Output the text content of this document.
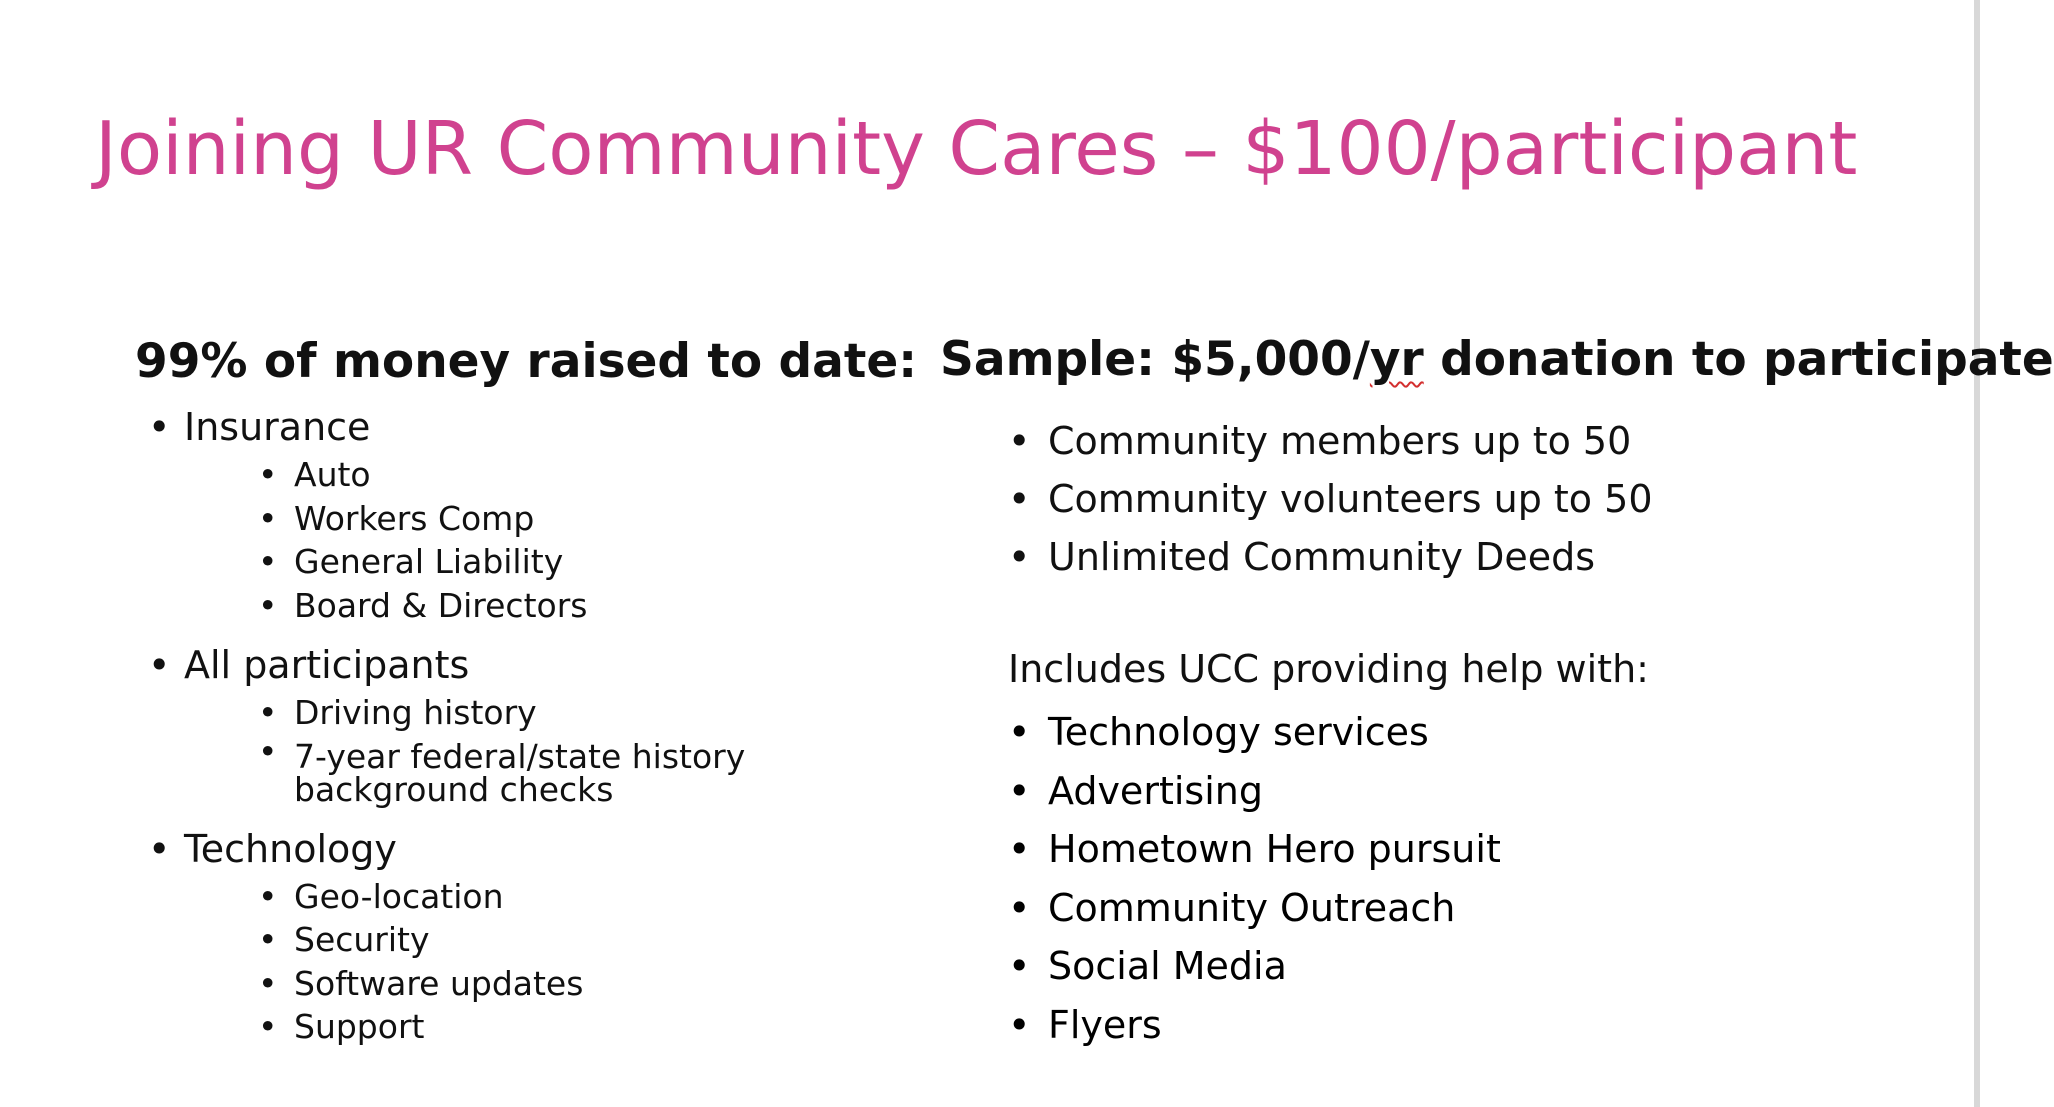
Joining UR Community Cares – $100/participant
99% of money raised to date: Sample: $5,000/yr donation to participate
• Insurance
• Auto
• Workers Comp
• General Liability
• Board & Directors
• All participants
• Driving history
• 7-year federal/state history background checks
• Technology
• Geo-location
• Security
• Software updates
• Support
• Community members up to 50
• Community volunteers up to 50
• Unlimited Community Deeds
Includes UCC providing help with:
• Technology services
• Advertising
• Hometown Hero pursuit
• Community Outreach
• Social Media
• Flyers
